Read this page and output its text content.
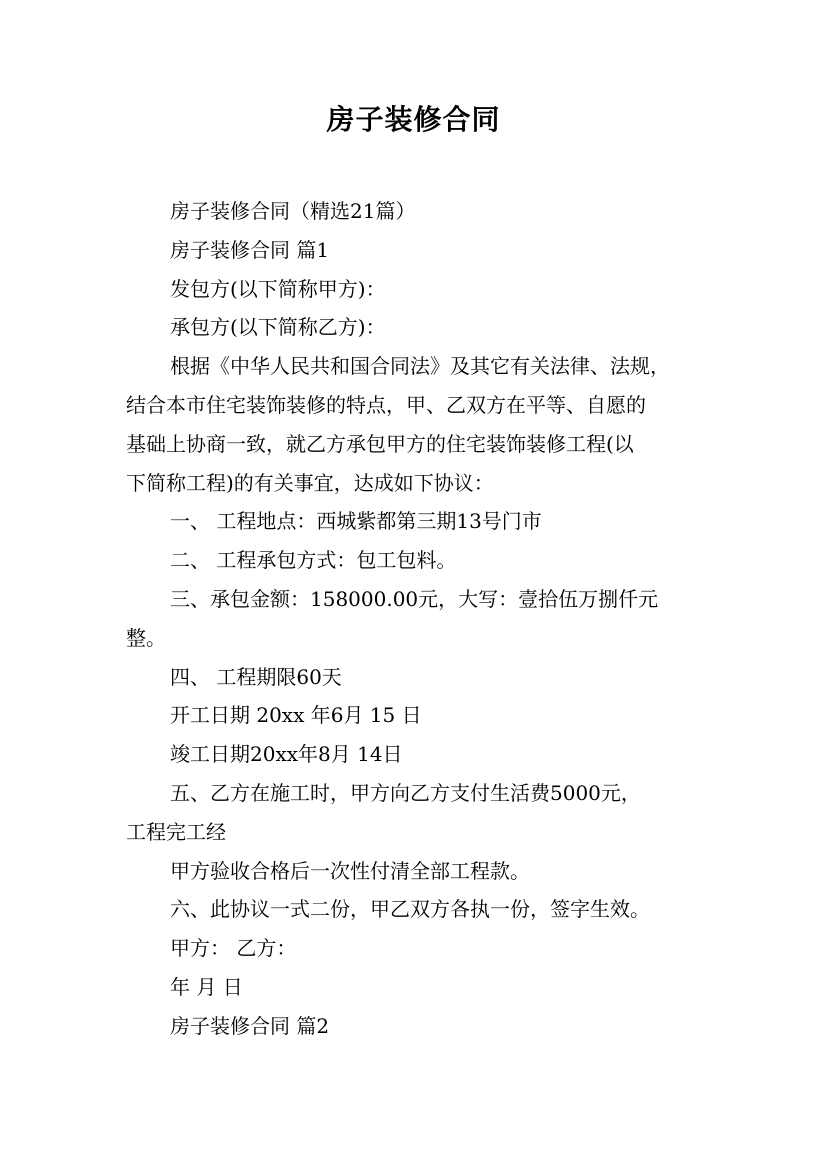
房子装修合同

房子装修合同（精选21篇）

房子装修合同 篇1

发包方(以下简称甲方)：

承包方(以下简称乙方)：

根据《中华人民共和国合同法》及其它有关法律、法规，
结合本市住宅装饰装修的特点，甲、乙双方在平等、自愿的
基础上协商一致，就乙方承包甲方的住宅装饰装修工程(以
下简称工程)的有关事宜，达成如下协议：

一、 工程地点：西城紫都第三期13号门市

二、 工程承包方式：包工包料。

三、承包金额：158000.00元，大写：壹拾伍万捌仟元
整。

四、 工程期限60天

开工日期 20xx 年6月 15 日

竣工日期20xx年8月 14日

五、乙方在施工时，甲方向乙方支付生活费5000元，
工程完工经

甲方验收合格后一次性付清全部工程款。

六、此协议一式二份，甲乙双方各执一份，签字生效。

甲方： 乙方：

年 月 日

房子装修合同 篇2
